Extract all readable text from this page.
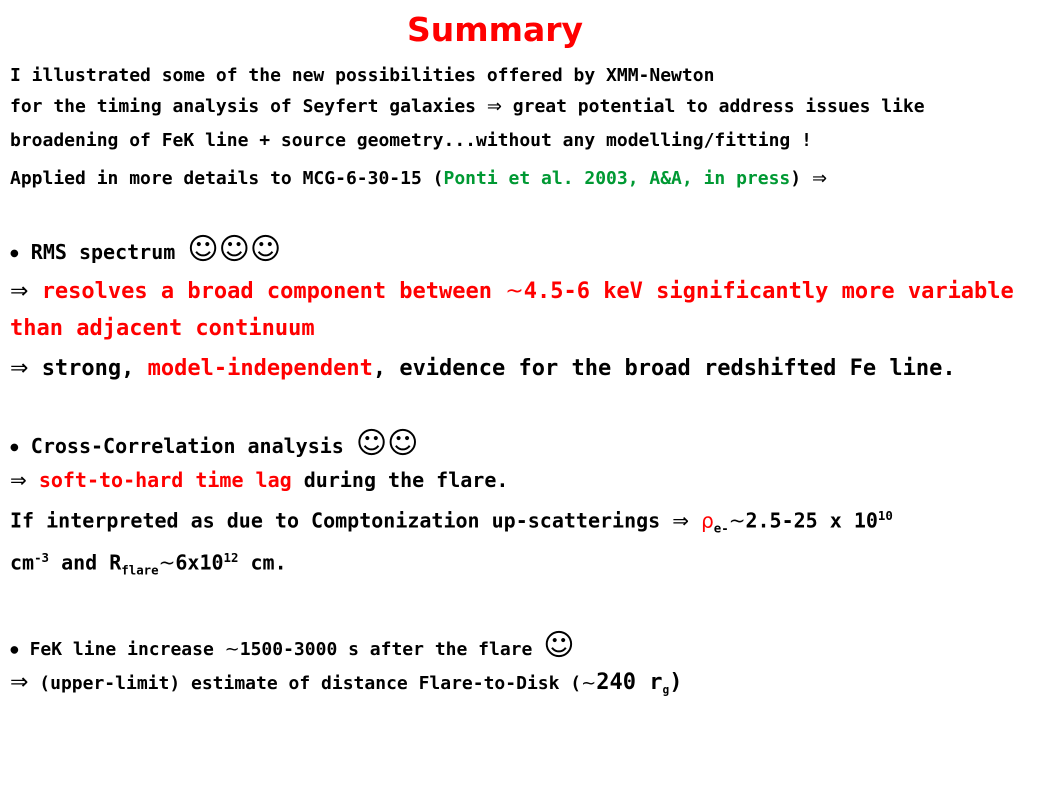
Summary
I illustrated some of the new possibilities offered by XMM-Newton
for the timing analysis of Seyfert galaxies ⇒ great potential to address issues like
broadening of FeK line + source geometry...without any modelling/fitting !
Applied in more details to MCG-6-30-15 (Ponti et al. 2003, A&A, in press) ⇒
● RMS spectrum ☺☺☺
⇒ resolves a broad component between ~4.5-6 keV significantly more variable
than adjacent continuum
⇒ strong, model-independent, evidence for the broad redshifted Fe line.
● Cross-Correlation analysis ☺☺
⇒ soft-to-hard time lag during the flare.
If interpreted as due to Comptonization up-scatterings ⇒ $\rho_{e-}\sim 2.5-25$ x $10^{10}$
$cm^{-3}$ and $R_{flare}\sim 6x10^{12}$ cm.
● FeK line increase ~1500-3000 s after the flare ☺
⇒ (upper-limit) estimate of distance Flare-to-Disk (~240 $r_g$)
